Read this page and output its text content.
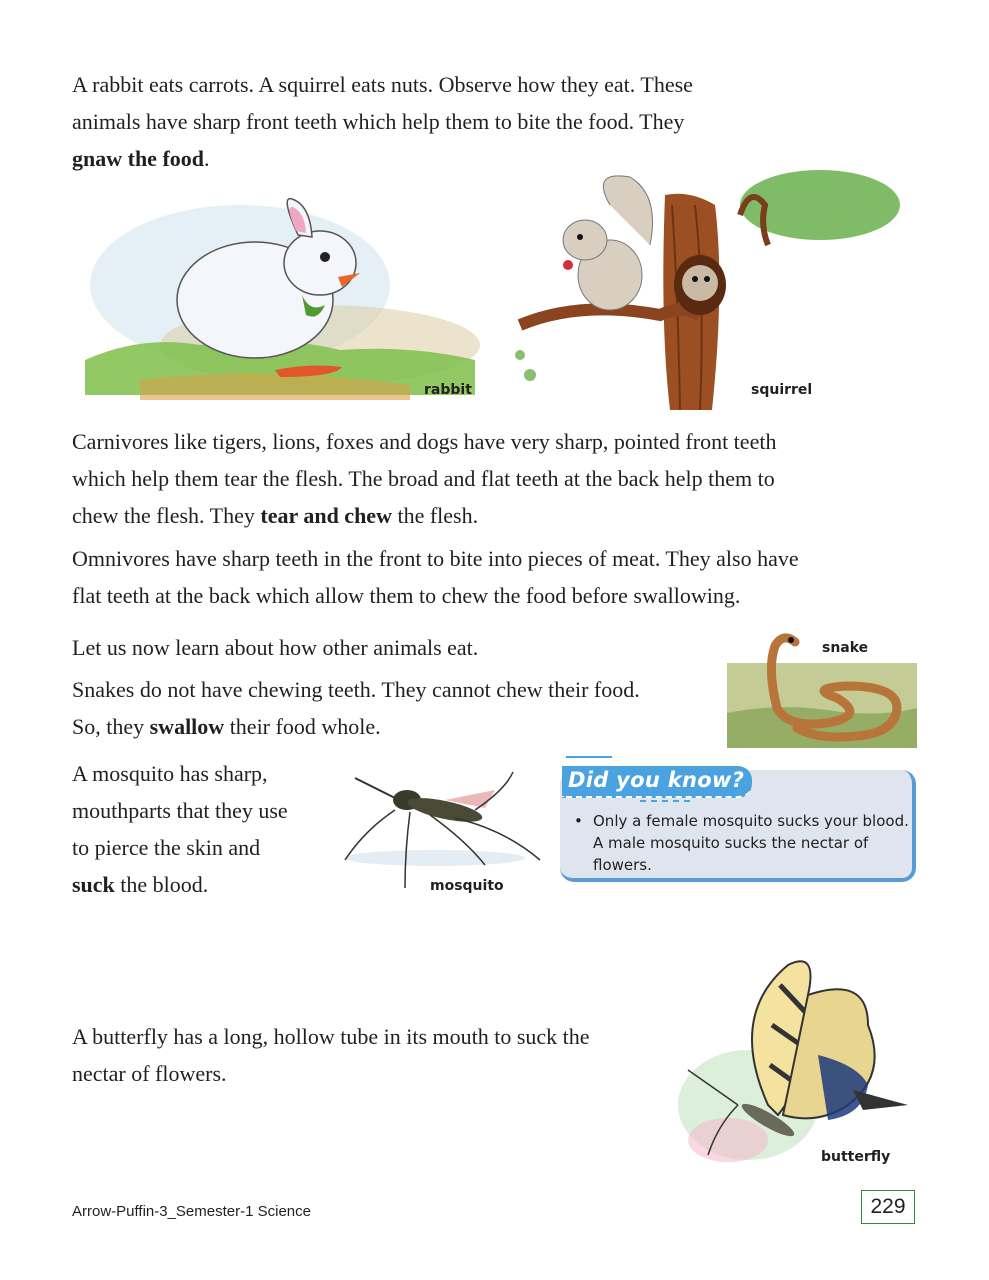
A rabbit eats carrots. A squirrel eats nuts. Observe how they eat. These
animals have sharp front teeth which help them to bite the food. They
gnaw the food.

rabbit	squirrel

Carnivores like tigers, lions, foxes and dogs have very sharp, pointed front teeth
which help them tear the flesh. The broad and flat teeth at the back help them to
chew the flesh. They tear and chew the flesh.

Omnivores have sharp teeth in the front to bite into pieces of meat. They also have
flat teeth at the back which allow them to chew the food before swallowing.

Let us now learn about how other animals eat.

Snakes do not have chewing teeth. They cannot chew their food.
So, they swallow their food whole.

snake

A mosquito has sharp,
mouthparts that they use
to pierce the skin and
suck the blood.	mosquito
Did you know?
• Only a female mosquito sucks your blood. A male mosquito sucks the nectar of flowers.

A butterfly has a long, hollow tube in its mouth to suck the
nectar of flowers.

butterfly
Arrow-Puffin-3_Semester-1 Science	229
